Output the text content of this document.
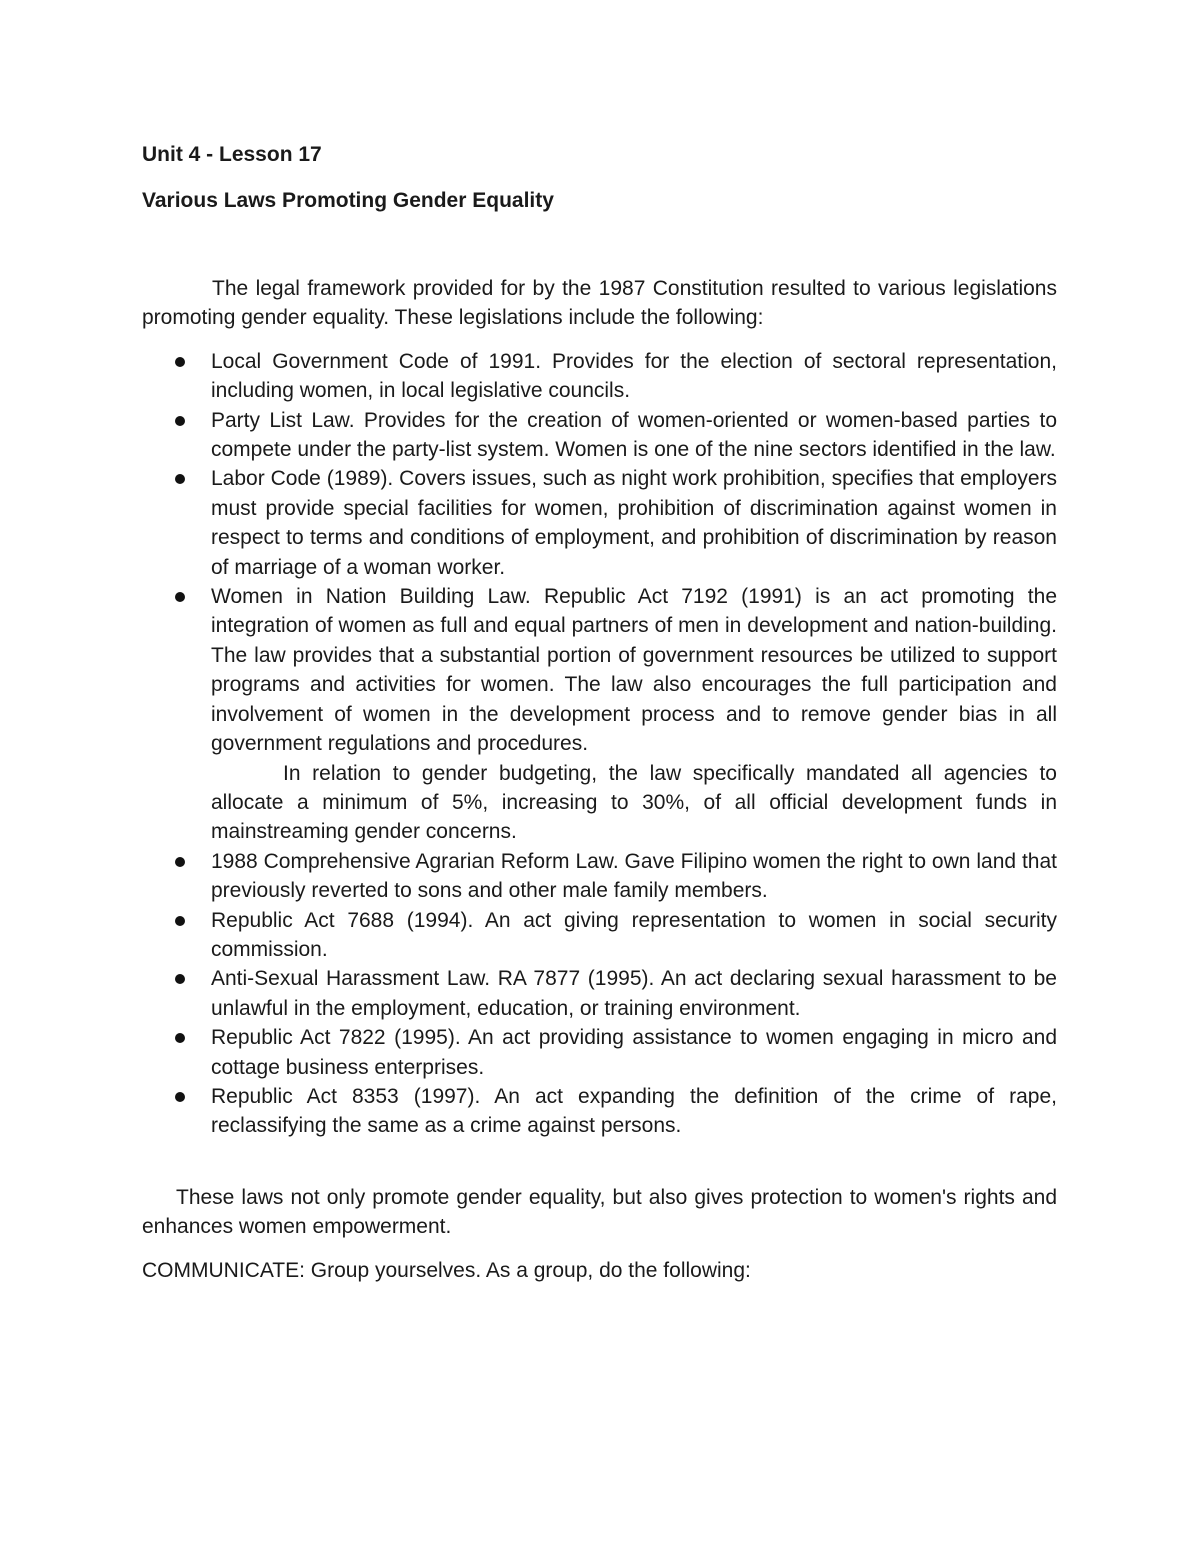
Unit 4 - Lesson 17

Various Laws Promoting Gender Equality

The legal framework provided for by the 1987 Constitution resulted to various legislations promoting gender equality. These legislations include the following:

Local Government Code of 1991. Provides for the election of sectoral representation, including women, in local legislative councils.
Party List Law. Provides for the creation of women-oriented or women-based parties to compete under the party-list system. Women is one of the nine sectors identified in the law.
Labor Code (1989). Covers issues, such as night work prohibition, specifies that employers must provide special facilities for women, prohibition of discrimination against women in respect to terms and conditions of employment, and prohibition of discrimination by reason of marriage of a woman worker.
Women in Nation Building Law. Republic Act 7192 (1991) is an act promoting the integration of women as full and equal partners of men in development and nation-building. The law provides that a substantial portion of government resources be utilized to support programs and activities for women. The law also encourages the full participation and involvement of women in the development process and to remove gender bias in all government regulations and procedures.
In relation to gender budgeting, the law specifically mandated all agencies to allocate a minimum of 5%, increasing to 30%, of all official development funds in mainstreaming gender concerns.
1988 Comprehensive Agrarian Reform Law. Gave Filipino women the right to own land that previously reverted to sons and other male family members.
Republic Act 7688 (1994). An act giving representation to women in social security commission.
Anti-Sexual Harassment Law. RA 7877 (1995). An act declaring sexual harassment to be unlawful in the employment, education, or training environment.
Republic Act 7822 (1995). An act providing assistance to women engaging in micro and cottage business enterprises.
Republic Act 8353 (1997). An act expanding the definition of the crime of rape, reclassifying the same as a crime against persons.

These laws not only promote gender equality, but also gives protection to women's rights and enhances women empowerment.

COMMUNICATE: Group yourselves. As a group, do the following:
